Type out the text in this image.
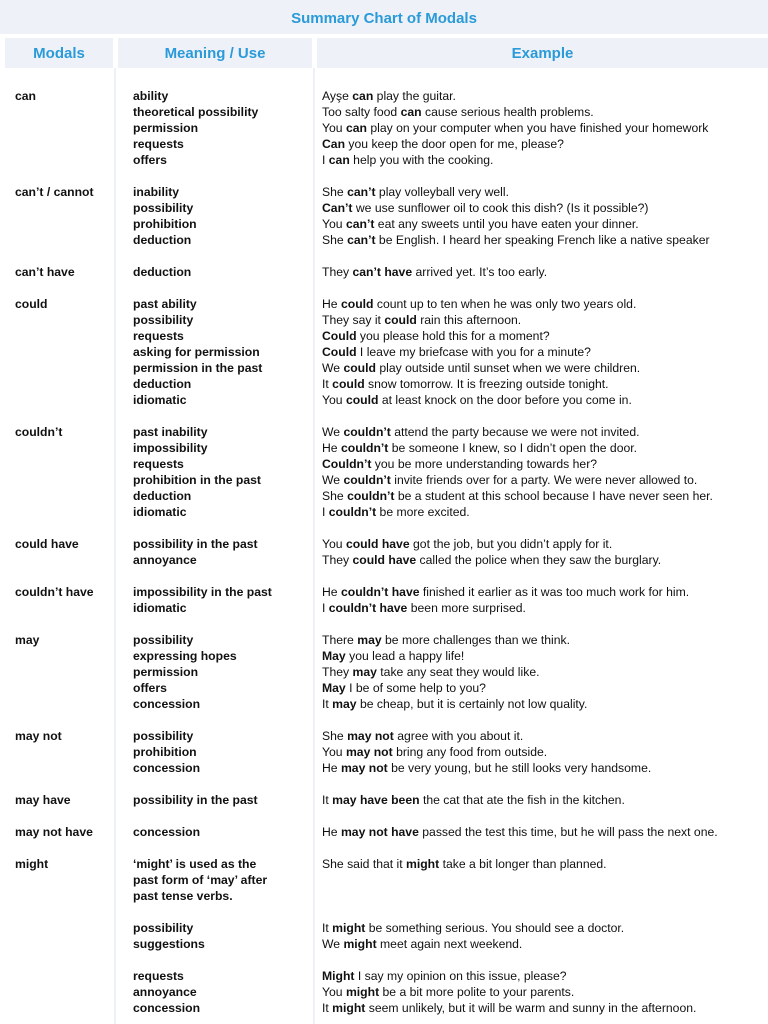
Summary Chart of Modals
Modals	Meaning / Use	Example
can	ability	Ayşe can play the guitar.
theoretical possibility	Too salty food can cause serious health problems.
permission	You can play on your computer when you have finished your homework
requests	Can you keep the door open for me, please?
offers	I can help you with the cooking.
can’t / cannot	inability	She can’t play volleyball very well.
possibility	Can’t we use sunflower oil to cook this dish? (Is it possible?)
prohibition	You can’t eat any sweets until you have eaten your dinner.
deduction	She can’t be English. I heard her speaking French like a native speaker
can’t have	deduction	They can’t have arrived yet. It’s too early.
could	past ability	He could count up to ten when he was only two years old.
possibility	They say it could rain this afternoon.
requests	Could you please hold this for a moment?
asking for permission	Could I leave my briefcase with you for a minute?
permission in the past	We could play outside until sunset when we were children.
deduction	It could snow tomorrow. It is freezing outside tonight.
idiomatic	You could at least knock on the door before you come in.
couldn’t	past inability	We couldn’t attend the party because we were not invited.
impossibility	He couldn’t be someone I knew, so I didn’t open the door.
requests	Couldn’t you be more understanding towards her?
prohibition in the past	We couldn’t invite friends over for a party. We were never allowed to.
deduction	She couldn’t be a student at this school because I have never seen her.
idiomatic	I couldn’t be more excited.
could have	possibility in the past	You could have got the job, but you didn’t apply for it.
annoyance	They could have called the police when they saw the burglary.
couldn’t have	impossibility in the past	He couldn’t have finished it earlier as it was too much work for him.
idiomatic	I couldn’t have been more surprised.
may	possibility	There may be more challenges than we think.
expressing hopes	May you lead a happy life!
permission	They may take any seat they would like.
offers	May I be of some help to you?
concession	It may be cheap, but it is certainly not low quality.
may not	possibility	She may not agree with you about it.
prohibition	You may not bring any food from outside.
concession	He may not be very young, but he still looks very handsome.
may have	possibility in the past	It may have been the cat that ate the fish in the kitchen.
may not have	concession	He may not have passed the test this time, but he will pass the next one.
might	‘might’ is used as the	She said that it might take a bit longer than planned.
past form of ‘may’ after
past tense verbs.
possibility	It might be something serious. You should see a doctor.
suggestions	We might meet again next weekend.
requests	Might I say my opinion on this issue, please?
annoyance	You might be a bit more polite to your parents.
concession	It might seem unlikely, but it will be warm and sunny in the afternoon.
